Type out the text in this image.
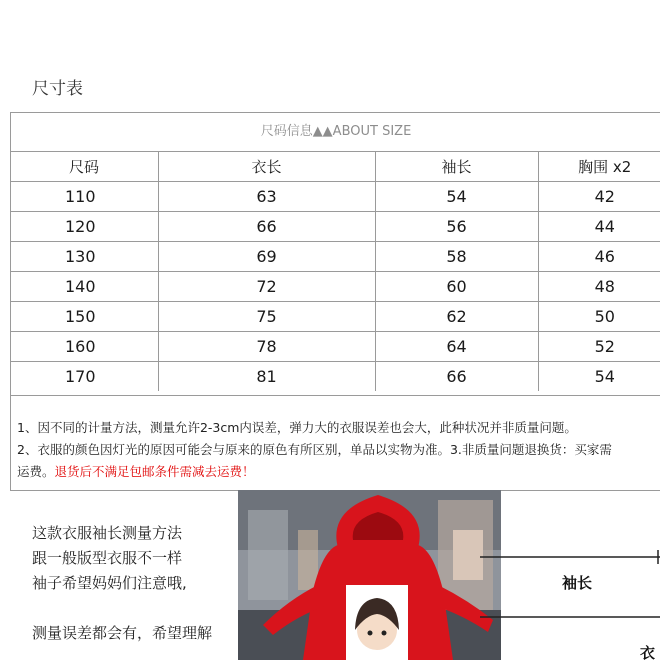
尺寸表
尺码信息▲▲ABOUT SIZE
尺码	衣长	袖长	胸围 x2
110	63	54	42
120	66	56	44
130	69	58	46
140	72	60	48
150	75	62	50
160	78	64	52
170	81	66	54
1、因不同的计量方法，测量允许2-3cm内误差，弹力大的衣服误差也会大，此种状况并非质量问题。
2、衣服的颜色因灯光的原因可能会与原来的原色有所区别，单品以实物为准。3.非质量问题退换货：买家需
运费。退货后不满足包邮条件需减去运费！
这款衣服袖长测量方法
跟一般版型衣服不一样
袖子希望妈妈们注意哦,
测量误差都会有，希望理解
袖长
衣
